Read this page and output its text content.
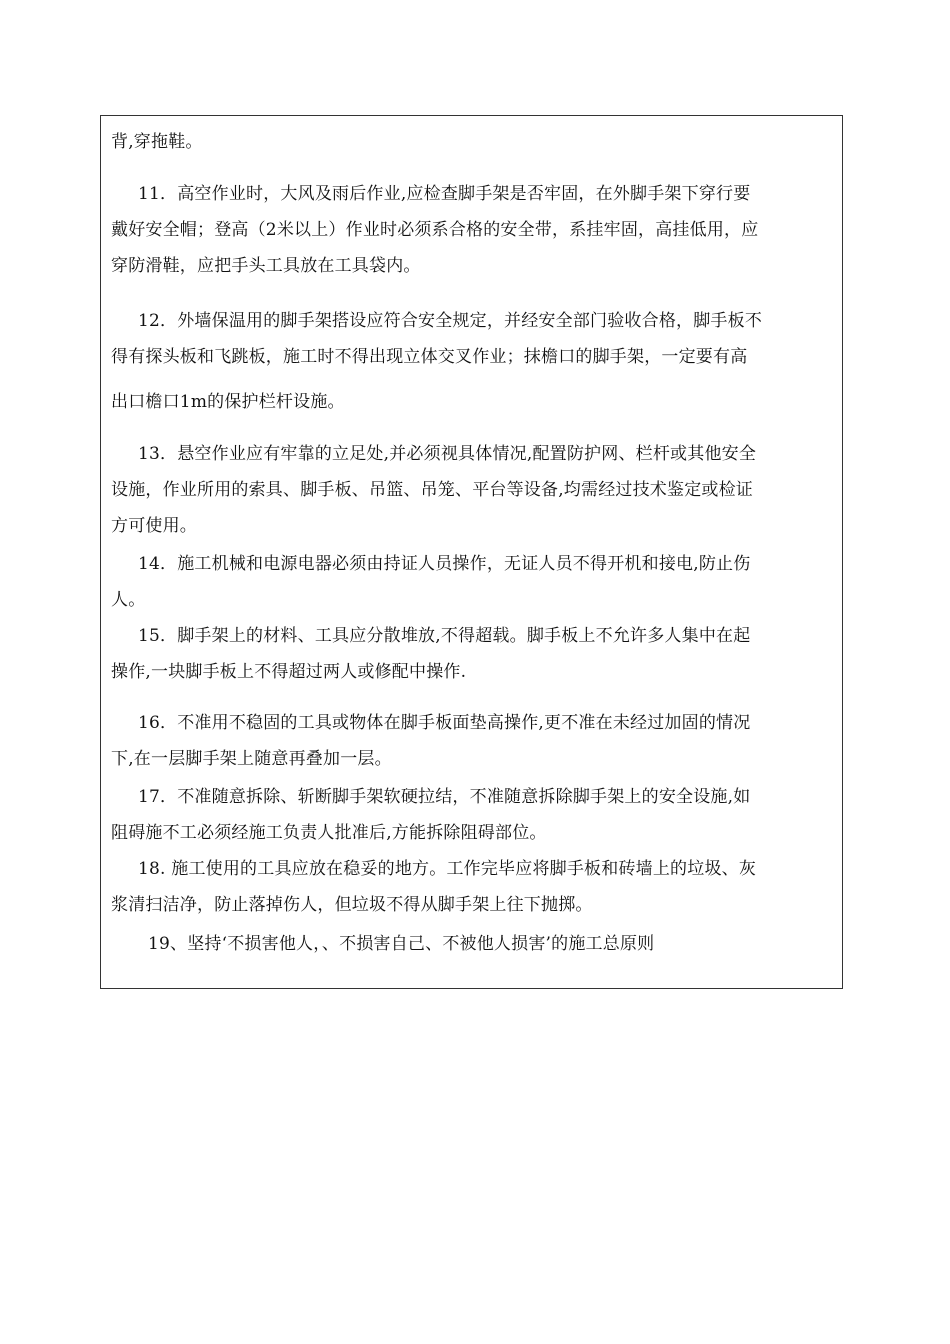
背,穿拖鞋。
11．高空作业时，大风及雨后作业,应检查脚手架是否牢固，在外脚手架下穿行要
戴好安全帽；登高（2米以上）作业时必须系合格的安全带，系挂牢固，高挂低用，应
穿防滑鞋，应把手头工具放在工具袋内。
12．外墙保温用的脚手架搭设应符合安全规定，并经安全部门验收合格，脚手板不
得有探头板和飞跳板，施工时不得出现立体交叉作业；抹檐口的脚手架，一定要有高
出口檐口1m的保护栏杆设施。
13．悬空作业应有牢靠的立足处,并必须视具体情况,配置防护网、栏杆或其他安全
设施，作业所用的索具、脚手板、吊篮、吊笼、平台等设备,均需经过技术鉴定或检证
方可使用。
14．施工机械和电源电器必须由持证人员操作，无证人员不得开机和接电,防止伤
人。
15．脚手架上的材料、工具应分散堆放,不得超载。脚手板上不允许多人集中在起
操作,一块脚手板上不得超过两人或修配中操作.
16．不准用不稳固的工具或物体在脚手板面垫高操作,更不准在未经过加固的情况
下,在一层脚手架上随意再叠加一层。
17．不准随意拆除、斩断脚手架软硬拉结，不准随意拆除脚手架上的安全设施,如
阻碍施不工必须经施工负责人批准后,方能拆除阻碍部位。
18. 施工使用的工具应放在稳妥的地方。工作完毕应将脚手板和砖墙上的垃圾、灰
浆清扫洁净，防止落掉伤人，但垃圾不得从脚手架上往下抛掷。
19、坚持‘不损害他人，、不损害自己、不被他人损害’的施工总原则
